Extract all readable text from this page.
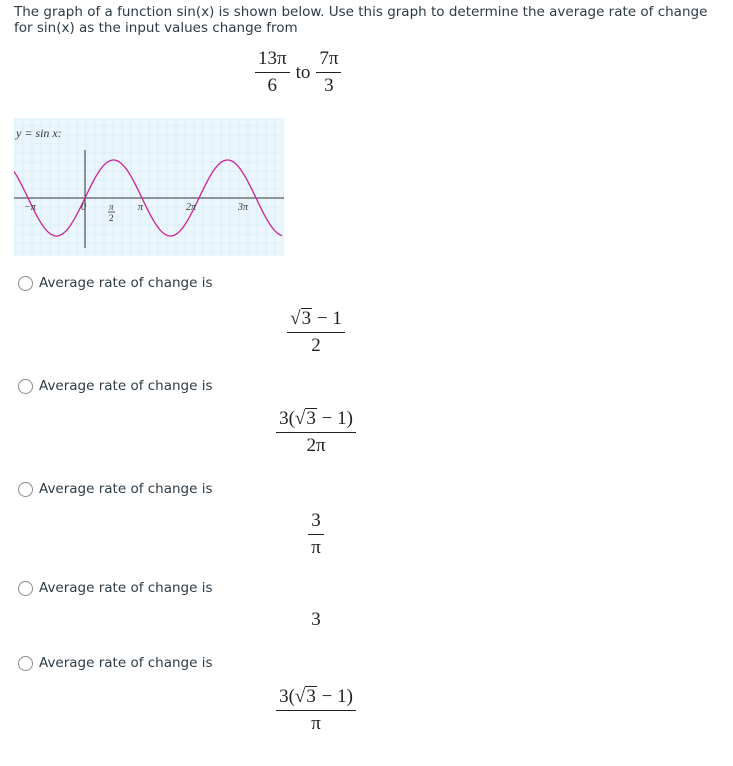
The graph of a function sin(x) is shown below. Use this graph to determine the average rate of change for sin(x) as the input values change from
$\frac{13\pi}{6}$ to $\frac{7\pi}{3}$
y = sin x:
−π	0	π
2
π	2π	3π
Average rate of change is
$\frac{√ 3 - 1}{2}$
Average rate of change is
$\frac{3( √ 3 - 1)}{2\pi}$
Average rate of change is
$\frac{3}{\pi}$
Average rate of change is
3
Average rate of change is
$\frac{3( √ 3 - 1)}{\pi}$
